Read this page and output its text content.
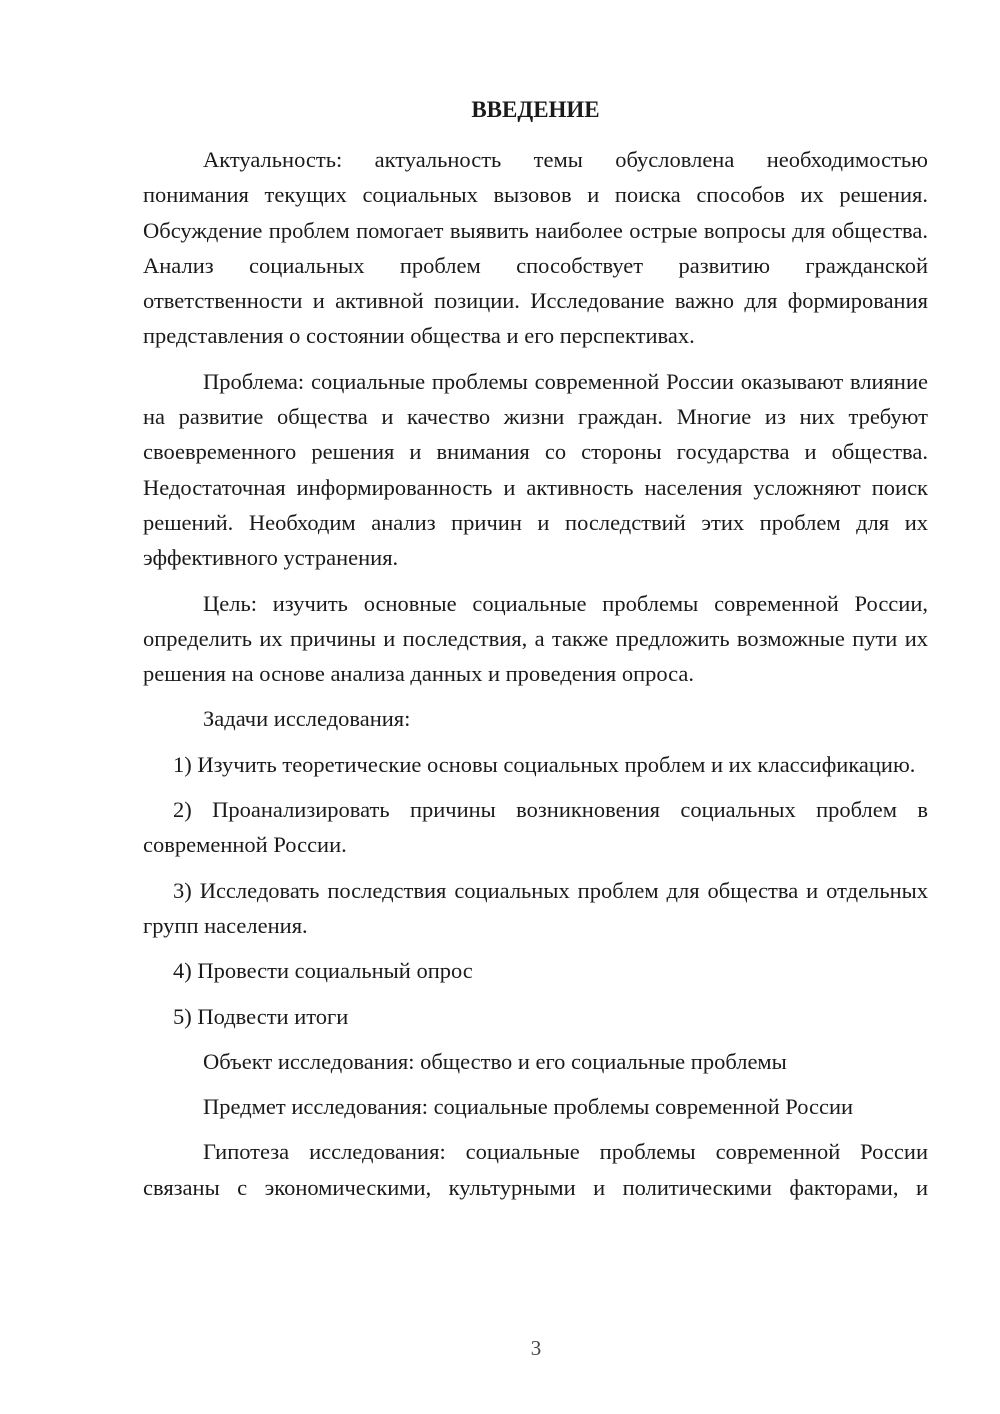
ВВЕДЕНИЕ

Актуальность: актуальность темы обусловлена необходимостью понимания текущих социальных вызовов и поиска способов их решения. Обсуждение проблем помогает выявить наиболее острые вопросы для общества. Анализ социальных проблем способствует развитию гражданской ответственности и активной позиции. Исследование важно для формирования представления о состоянии общества и его перспективах.

Проблема: социальные проблемы современной России оказывают влияние на развитие общества и качество жизни граждан. Многие из них требуют своевременного решения и внимания со стороны государства и общества. Недостаточная информированность и активность населения усложняют поиск решений. Необходим анализ причин и последствий этих проблем для их эффективного устранения.

Цель: изучить основные социальные проблемы современной России, определить их причины и последствия, а также предложить возможные пути их решения на основе анализа данных и проведения опроса.

Задачи исследования:

1) Изучить теоретические основы социальных проблем и их классификацию.

2) Проанализировать причины возникновения социальных проблем в современной России.

3) Исследовать последствия социальных проблем для общества и отдельных групп населения.

4) Провести социальный опрос

5) Подвести итоги

Объект исследования: общество и его социальные проблемы

Предмет исследования: социальные проблемы современной России

Гипотеза исследования: социальные проблемы современной России связаны с экономическими, культурными и политическими факторами, и

3
